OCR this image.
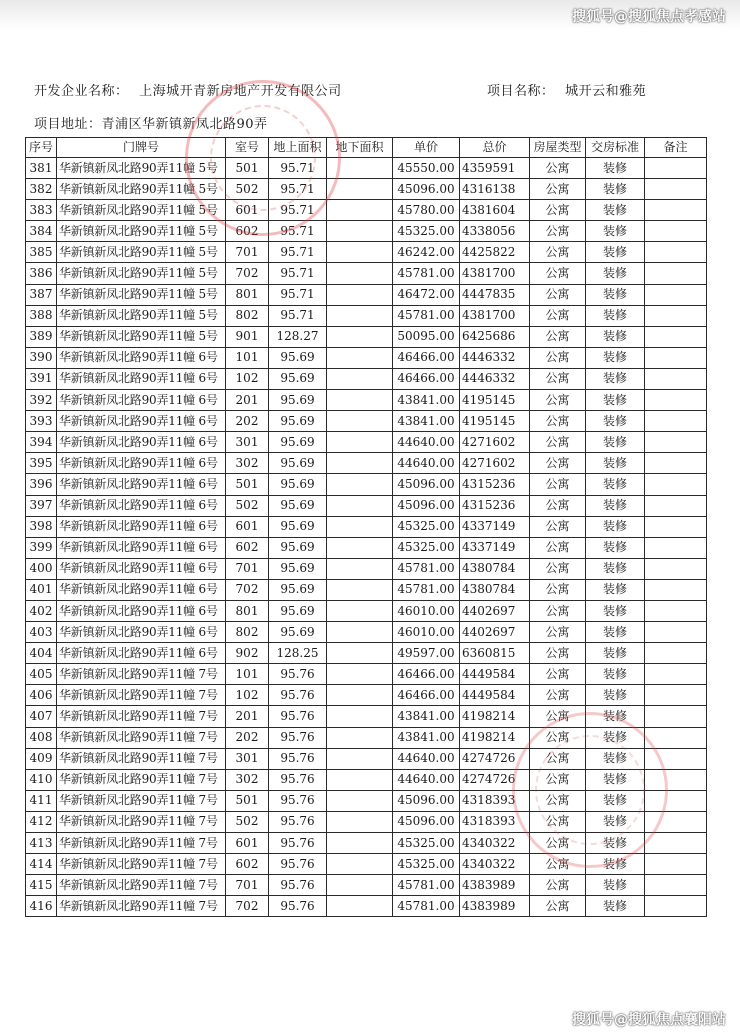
搜狐号@搜狐焦点孝感站
开发企业名称： 上海城开青新房地产开发有限公司	项目名称： 城开云和雅苑
项目地址：青浦区华新镇新凤北路90弄
序号	门牌号	室号	地上面积	地下面积	单价	总价	房屋类型	交房标准	备注
381	华新镇新凤北路90弄11幢 5号	501	95.71		45550.00	4359591	公寓	装修	
382	华新镇新凤北路90弄11幢 5号	502	95.71		45096.00	4316138	公寓	装修	
383	华新镇新凤北路90弄11幢 5号	601	95.71		45780.00	4381604	公寓	装修	
384	华新镇新凤北路90弄11幢 5号	602	95.71		45325.00	4338056	公寓	装修	
385	华新镇新凤北路90弄11幢 5号	701	95.71		46242.00	4425822	公寓	装修	
386	华新镇新凤北路90弄11幢 5号	702	95.71		45781.00	4381700	公寓	装修	
387	华新镇新凤北路90弄11幢 5号	801	95.71		46472.00	4447835	公寓	装修	
388	华新镇新凤北路90弄11幢 5号	802	95.71		45781.00	4381700	公寓	装修	
389	华新镇新凤北路90弄11幢 5号	901	128.27		50095.00	6425686	公寓	装修	
390	华新镇新凤北路90弄11幢 6号	101	95.69		46466.00	4446332	公寓	装修	
391	华新镇新凤北路90弄11幢 6号	102	95.69		46466.00	4446332	公寓	装修	
392	华新镇新凤北路90弄11幢 6号	201	95.69		43841.00	4195145	公寓	装修	
393	华新镇新凤北路90弄11幢 6号	202	95.69		43841.00	4195145	公寓	装修	
394	华新镇新凤北路90弄11幢 6号	301	95.69		44640.00	4271602	公寓	装修	
395	华新镇新凤北路90弄11幢 6号	302	95.69		44640.00	4271602	公寓	装修	
396	华新镇新凤北路90弄11幢 6号	501	95.69		45096.00	4315236	公寓	装修	
397	华新镇新凤北路90弄11幢 6号	502	95.69		45096.00	4315236	公寓	装修	
398	华新镇新凤北路90弄11幢 6号	601	95.69		45325.00	4337149	公寓	装修	
399	华新镇新凤北路90弄11幢 6号	602	95.69		45325.00	4337149	公寓	装修	
400	华新镇新凤北路90弄11幢 6号	701	95.69		45781.00	4380784	公寓	装修	
401	华新镇新凤北路90弄11幢 6号	702	95.69		45781.00	4380784	公寓	装修	
402	华新镇新凤北路90弄11幢 6号	801	95.69		46010.00	4402697	公寓	装修	
403	华新镇新凤北路90弄11幢 6号	802	95.69		46010.00	4402697	公寓	装修	
404	华新镇新凤北路90弄11幢 6号	902	128.25		49597.00	6360815	公寓	装修	
405	华新镇新凤北路90弄11幢 7号	101	95.76		46466.00	4449584	公寓	装修	
406	华新镇新凤北路90弄11幢 7号	102	95.76		46466.00	4449584	公寓	装修	
407	华新镇新凤北路90弄11幢 7号	201	95.76		43841.00	4198214	公寓	装修	
408	华新镇新凤北路90弄11幢 7号	202	95.76		43841.00	4198214	公寓	装修	
409	华新镇新凤北路90弄11幢 7号	301	95.76		44640.00	4274726	公寓	装修	
410	华新镇新凤北路90弄11幢 7号	302	95.76		44640.00	4274726	公寓	装修	
411	华新镇新凤北路90弄11幢 7号	501	95.76		45096.00	4318393	公寓	装修	
412	华新镇新凤北路90弄11幢 7号	502	95.76		45096.00	4318393	公寓	装修	
413	华新镇新凤北路90弄11幢 7号	601	95.76		45325.00	4340322	公寓	装修	
414	华新镇新凤北路90弄11幢 7号	602	95.76		45325.00	4340322	公寓	装修	
415	华新镇新凤北路90弄11幢 7号	701	95.76		45781.00	4383989	公寓	装修	
416	华新镇新凤北路90弄11幢 7号	702	95.76		45781.00	4383989	公寓	装修	
搜狐号@搜狐焦点襄阳站
